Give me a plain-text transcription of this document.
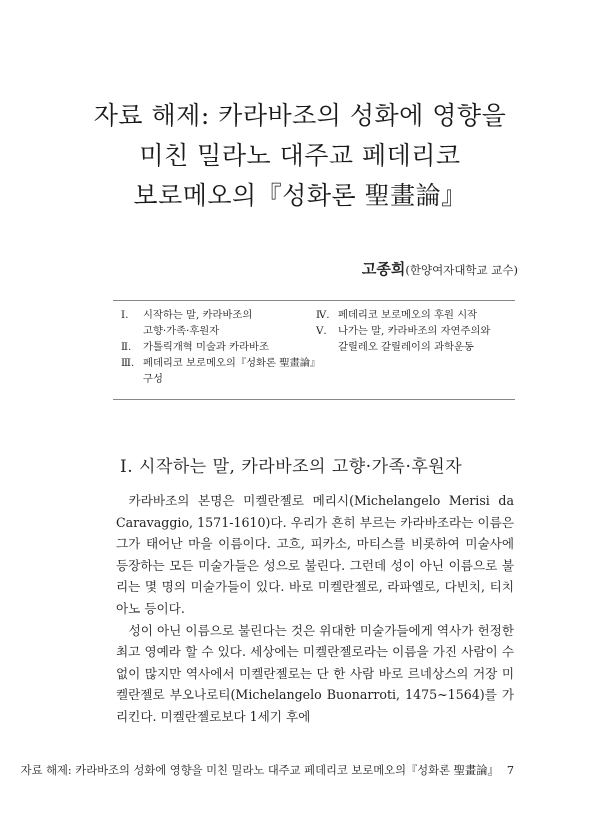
자료 해제: 카라바조의 성화에 영향을
미친 밀라노 대주교 페데리코
보로메오의『성화론 聖畫論』
고종희(한양여자대학교 교수)
Ⅰ.	시작하는 말, 카라바조의
고향·가족·후원자
Ⅱ.	가톨릭개혁 미술과 카라바조
Ⅲ. 페데리코 보로메오의『성화론 聖畫論』
구성
Ⅳ. 페데리코 보로메오의 후원 시작
Ⅴ.	나가는 말, 카라바조의 자연주의와
갈릴레오 갈릴레이의 과학운동
Ⅰ. 시작하는 말, 카라바조의 고향·가족·후원자

카라바조의 본명은 미켈란젤로 메리시(Michelangelo Merisi da Caravaggio, 1571-1610)다. 우리가 흔히 부르는 카라바조라는 이름은 그가 태어난 마을 이름이다. 고흐, 피카소, 마티스를 비롯하여 미술사에 등장하는 모든 미술가들은 성으로 불린다. 그런데 성이 아닌 이름으로 불리는 몇 명의 미술가들이 있다. 바로 미켈란젤로, 라파엘로, 다빈치, 티치아노 등이다.

성이 아닌 이름으로 불린다는 것은 위대한 미술가들에게 역사가 헌정한 최고 영예라 할 수 있다. 세상에는 미켈란젤로라는 이름을 가진 사람이 수없이 많지만 역사에서 미켈란젤로는 단 한 사람 바로 르네상스의 거장 미켈란젤로 부오나로티(Michelangelo Buonarroti, 1475~1564)를 가리킨다. 미켈란젤로보다 1세기 후에

자료 해제: 카라바조의 성화에 영향을 미친 밀라노 대주교 페데리코 보로메오의『성화론 聖畫論』 7
